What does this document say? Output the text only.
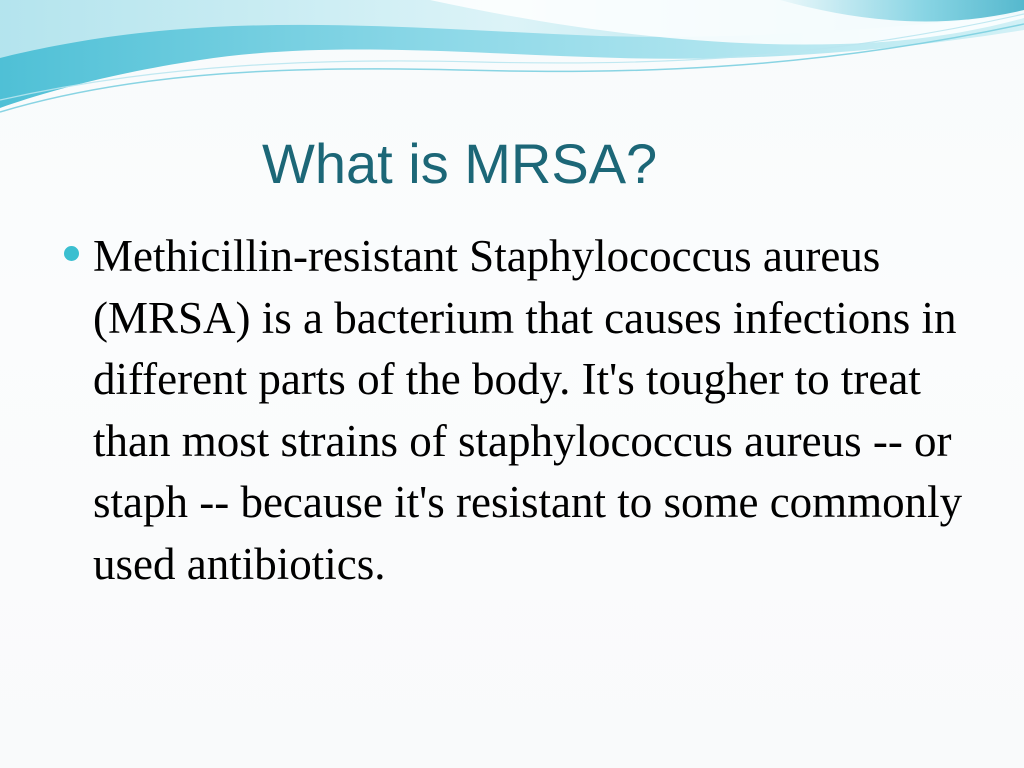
What is MRSA?
Methicillin-resistant Staphylococcus aureus (MRSA) is a bacterium that causes infections in different parts of the body. It's tougher to treat than most strains of staphylococcus aureus -- or staph -- because it's resistant to some commonly used antibiotics.
